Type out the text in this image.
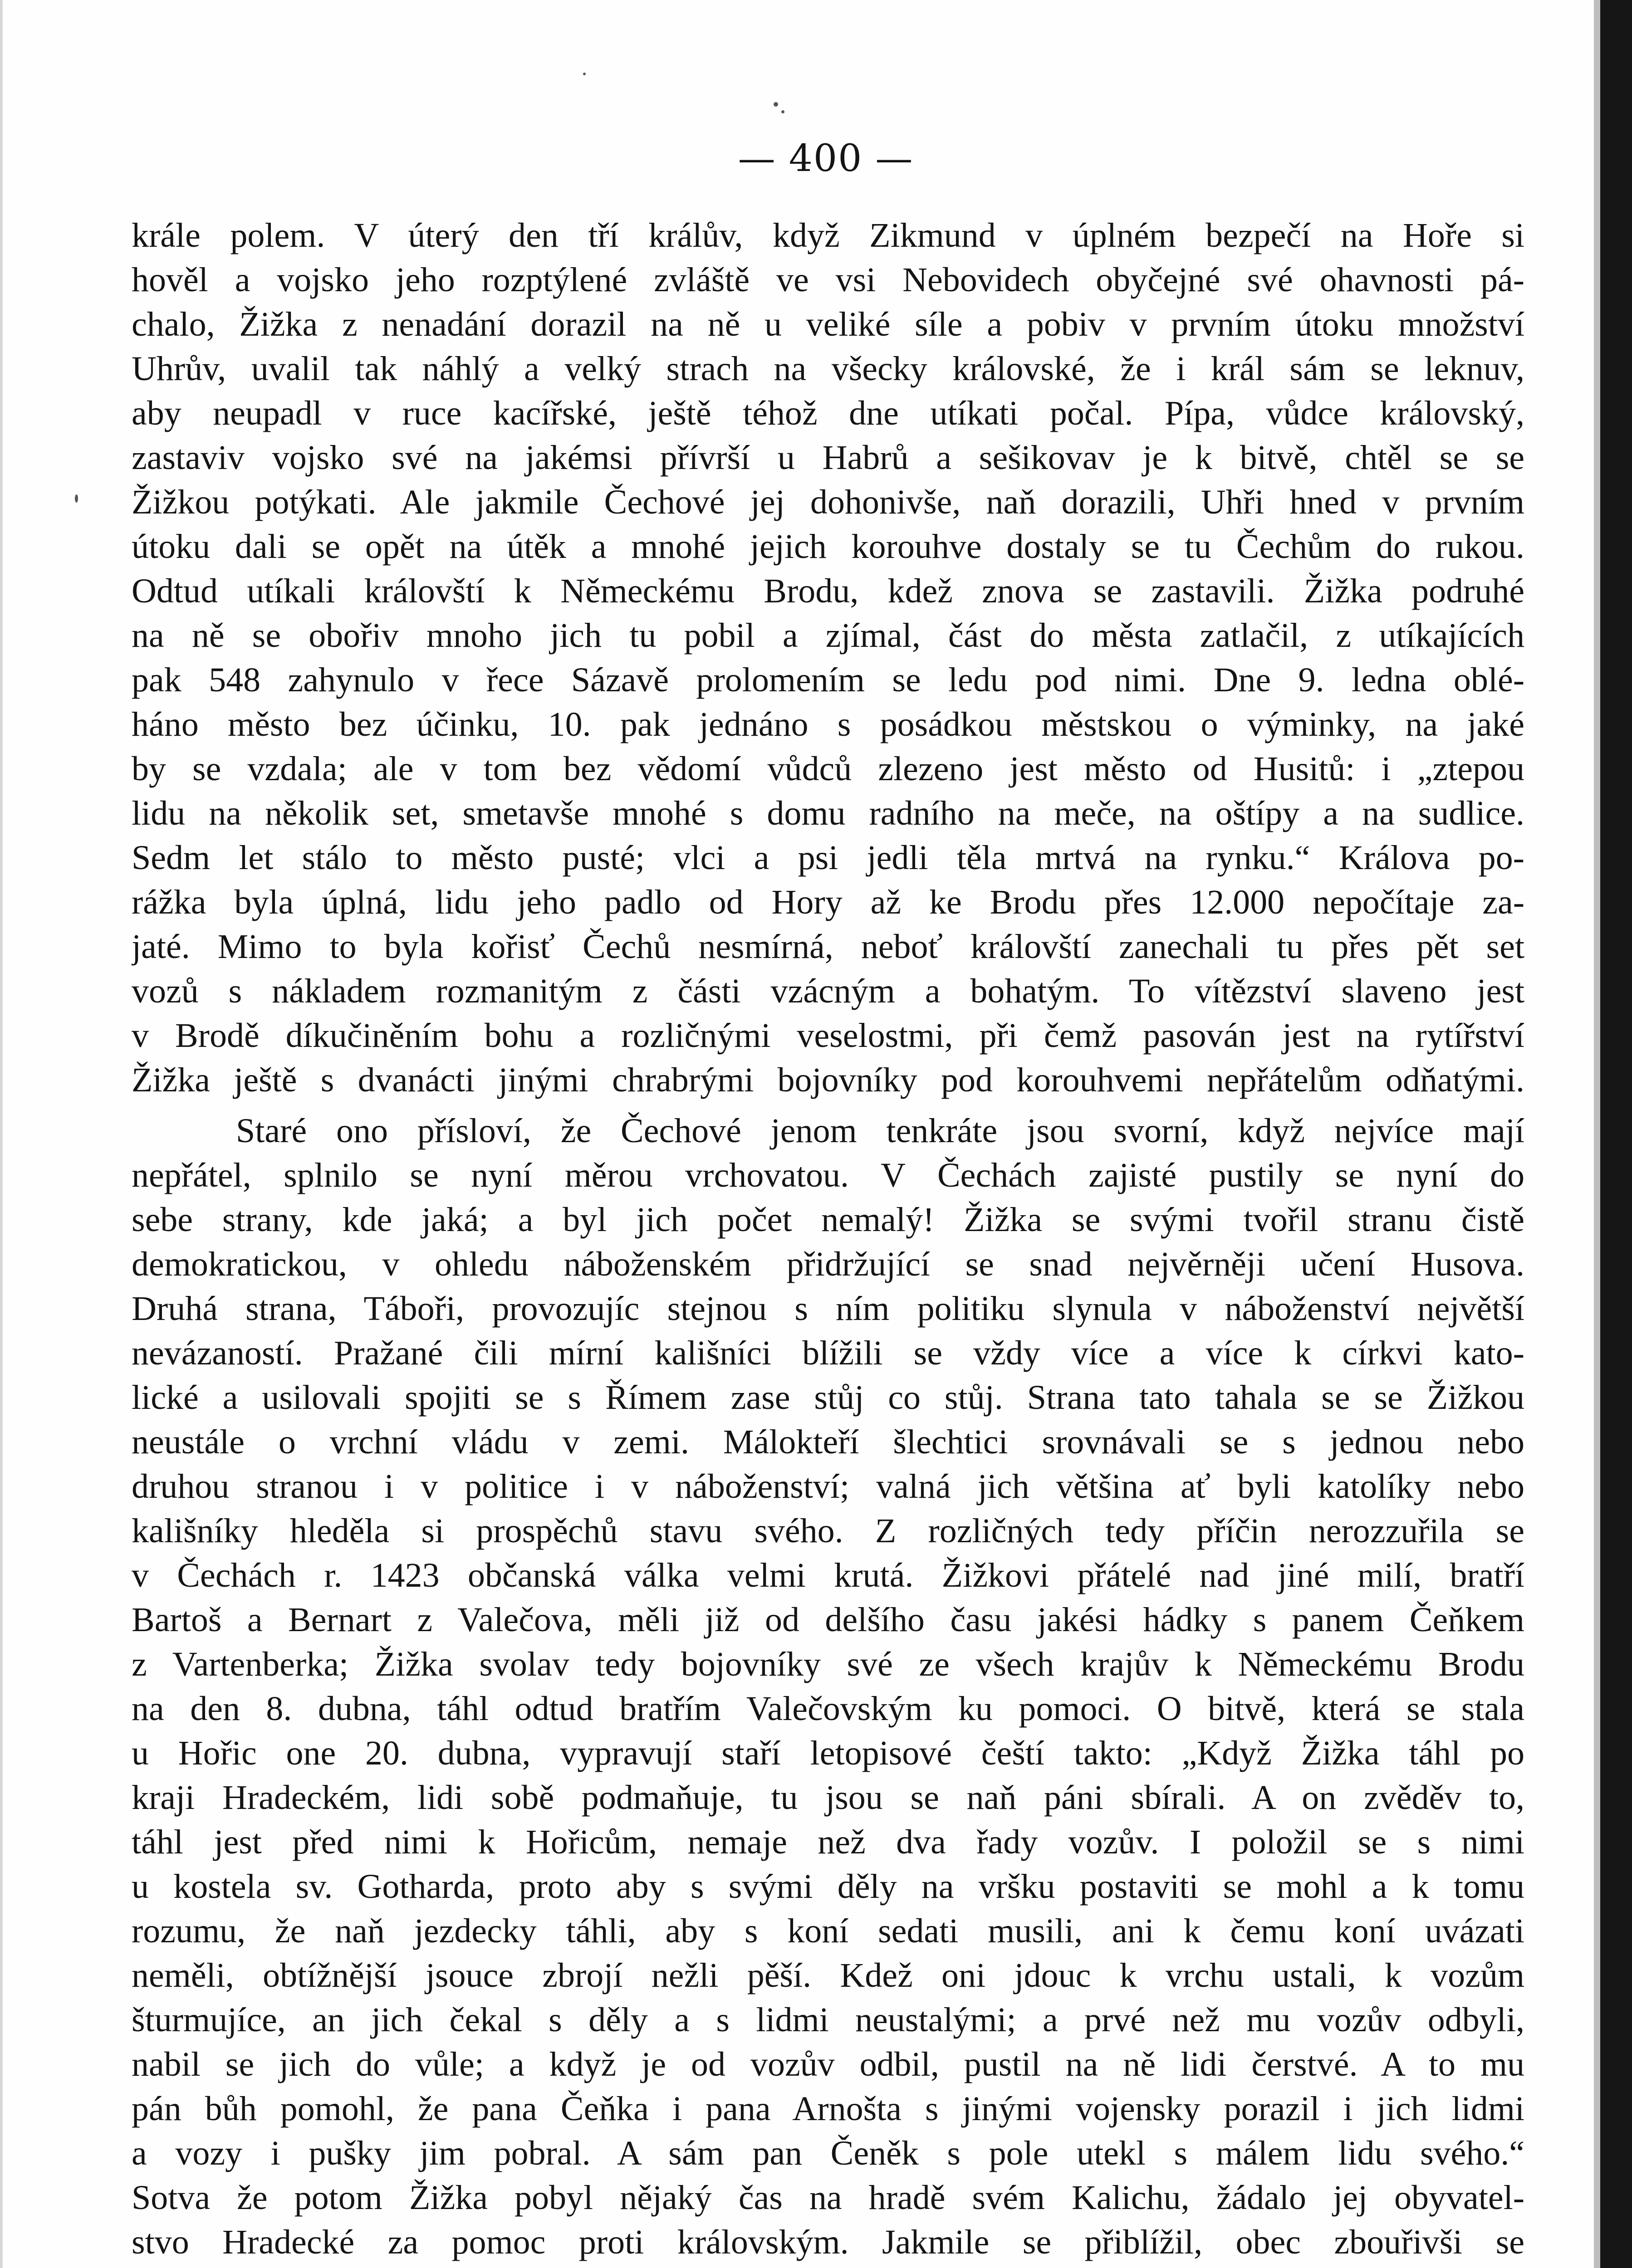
— 400 —
krále polem. V úterý den tří králův, když Zikmund v úplném bezpečí na Hoře si
hověl a vojsko jeho rozptýlené zvláště ve vsi Nebovidech obyčejné své ohavnosti pá-
chalo, Žižka z nenadání dorazil na ně u veliké síle a pobiv v prvním útoku množství
Uhrův, uvalil tak náhlý a velký strach na všecky královské, že i král sám se leknuv,
aby neupadl v ruce kacířské, ještě téhož dne utíkati počal. Pípa, vůdce královský,
zastaviv vojsko své na jakémsi přívrší u Habrů a sešikovav je k bitvě, chtěl se se
Žižkou potýkati. Ale jakmile Čechové jej dohonivše, naň dorazili, Uhři hned v prvním
útoku dali se opět na útěk a mnohé jejich korouhve dostaly se tu Čechům do rukou.
Odtud utíkali královští k Německému Brodu, kdež znova se zastavili. Žižka podruhé
na ně se obořiv mnoho jich tu pobil a zjímal, část do města zatlačil, z utíkajících
pak 548 zahynulo v řece Sázavě prolomením se ledu pod nimi. Dne 9. ledna oblé-
háno město bez účinku, 10. pak jednáno s posádkou městskou o výminky, na jaké
by se vzdala; ale v tom bez vědomí vůdců zlezeno jest město od Husitů: i „ztepou
lidu na několik set, smetavše mnohé s domu radního na meče, na oštípy a na sudlice.
Sedm let stálo to město pusté; vlci a psi jedli těla mrtvá na rynku.“ Králova po-
rážka byla úplná, lidu jeho padlo od Hory až ke Brodu přes 12.000 nepočítaje za-
jaté. Mimo to byla kořisť Čechů nesmírná, neboť královští zanechali tu přes pět set
vozů s nákladem rozmanitým z části vzácným a bohatým. To vítězství slaveno jest
v Brodě díkučiněním bohu a rozličnými veselostmi, při čemž pasován jest na rytířství
Žižka ještě s dvanácti jinými chrabrými bojovníky pod korouhvemi nepřátelům odňatými.
Staré ono přísloví, že Čechové jenom tenkráte jsou svorní, když nejvíce mají
nepřátel, splnilo se nyní měrou vrchovatou. V Čechách zajisté pustily se nyní do
sebe strany, kde jaká; a byl jich počet nemalý! Žižka se svými tvořil stranu čistě
demokratickou, v ohledu náboženském přidržující se snad nejvěrněji učení Husova.
Druhá strana, Táboři, provozujíc stejnou s ním politiku slynula v náboženství největší
nevázaností. Pražané čili mírní kališníci blížili se vždy více a více k církvi kato-
lické a usilovali spojiti se s Římem zase stůj co stůj. Strana tato tahala se se Žižkou
neustále o vrchní vládu v zemi. Málokteří šlechtici srovnávali se s jednou nebo
druhou stranou i v politice i v náboženství; valná jich většina ať byli katolíky nebo
kališníky hleděla si prospěchů stavu svého. Z rozličných tedy příčin nerozzuřila se
v Čechách r. 1423 občanská válka velmi krutá. Žižkovi přátelé nad jiné milí, bratří
Bartoš a Bernart z Valečova, měli již od delšího času jakési hádky s panem Čeňkem
z Vartenberka; Žižka svolav tedy bojovníky své ze všech krajův k Německému Brodu
na den 8. dubna, táhl odtud bratřím Valečovským ku pomoci. O bitvě, která se stala
u Hořic one 20. dubna, vypravují staří letopisové čeští takto: „Když Žižka táhl po
kraji Hradeckém, lidi sobě podmaňuje, tu jsou se naň páni sbírali. A on zvěděv to,
táhl jest před nimi k Hořicům, nemaje než dva řady vozův. I položil se s nimi
u kostela sv. Gotharda, proto aby s svými děly na vršku postaviti se mohl a k tomu
rozumu, že naň jezdecky táhli, aby s koní sedati musili, ani k čemu koní uvázati
neměli, obtížnější jsouce zbrojí nežli pěší. Kdež oni jdouc k vrchu ustali, k vozům
šturmujíce, an jich čekal s děly a s lidmi neustalými; a prvé než mu vozův odbyli,
nabil se jich do vůle; a když je od vozův odbil, pustil na ně lidi čerstvé. A to mu
pán bůh pomohl, že pana Čeňka i pana Arnošta s jinými vojensky porazil i jich lidmi
a vozy i pušky jim pobral. A sám pan Čeněk s pole utekl s málem lidu svého.“
Sotva že potom Žižka pobyl nějaký čas na hradě svém Kalichu, žádalo jej obyvatel-
stvo Hradecké za pomoc proti královským. Jakmile se přiblížil, obec zbouřivši se
